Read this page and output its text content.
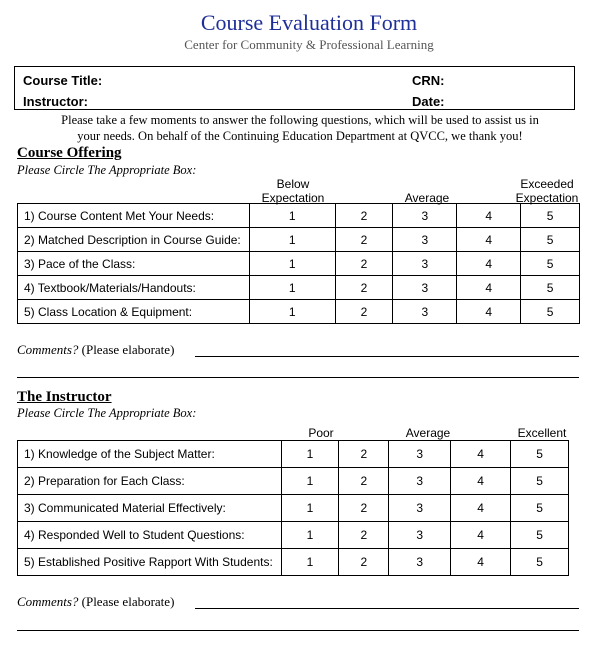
Course Evaluation Form
Center for Community & Professional Learning
Course Title:
Instructor:
CRN:
Date:
Please take a few moments to answer the following questions, which will be used to assist us in
your needs. On behalf of the Continuing Education Department at QVCC, we thank you!
Course Offering
Please Circle The Appropriate Box:
Below
Expectation	Average
Exceeded
Expectation
1) Course Content Met Your Needs:	1	2	3	4	5
2) Matched Description in Course Guide:	1	2	3	4	5
3) Pace of the Class:	1	2	3	4	5
4) Textbook/Materials/Handouts:	1	2	3	4	5
5) Class Location & Equipment:	1	2	3	4	5
Comments? (Please elaborate)
The Instructor
Please Circle The Appropriate Box:
Poor	Average	Excellent
1) Knowledge of the Subject Matter:	1	2	3	4	5
2) Preparation for Each Class:	1	2	3	4	5
3) Communicated Material Effectively:	1	2	3	4	5
4) Responded Well to Student Questions:	1	2	3	4	5
5) Established Positive Rapport With Students:	1	2	3	4	5
Comments? (Please elaborate)
